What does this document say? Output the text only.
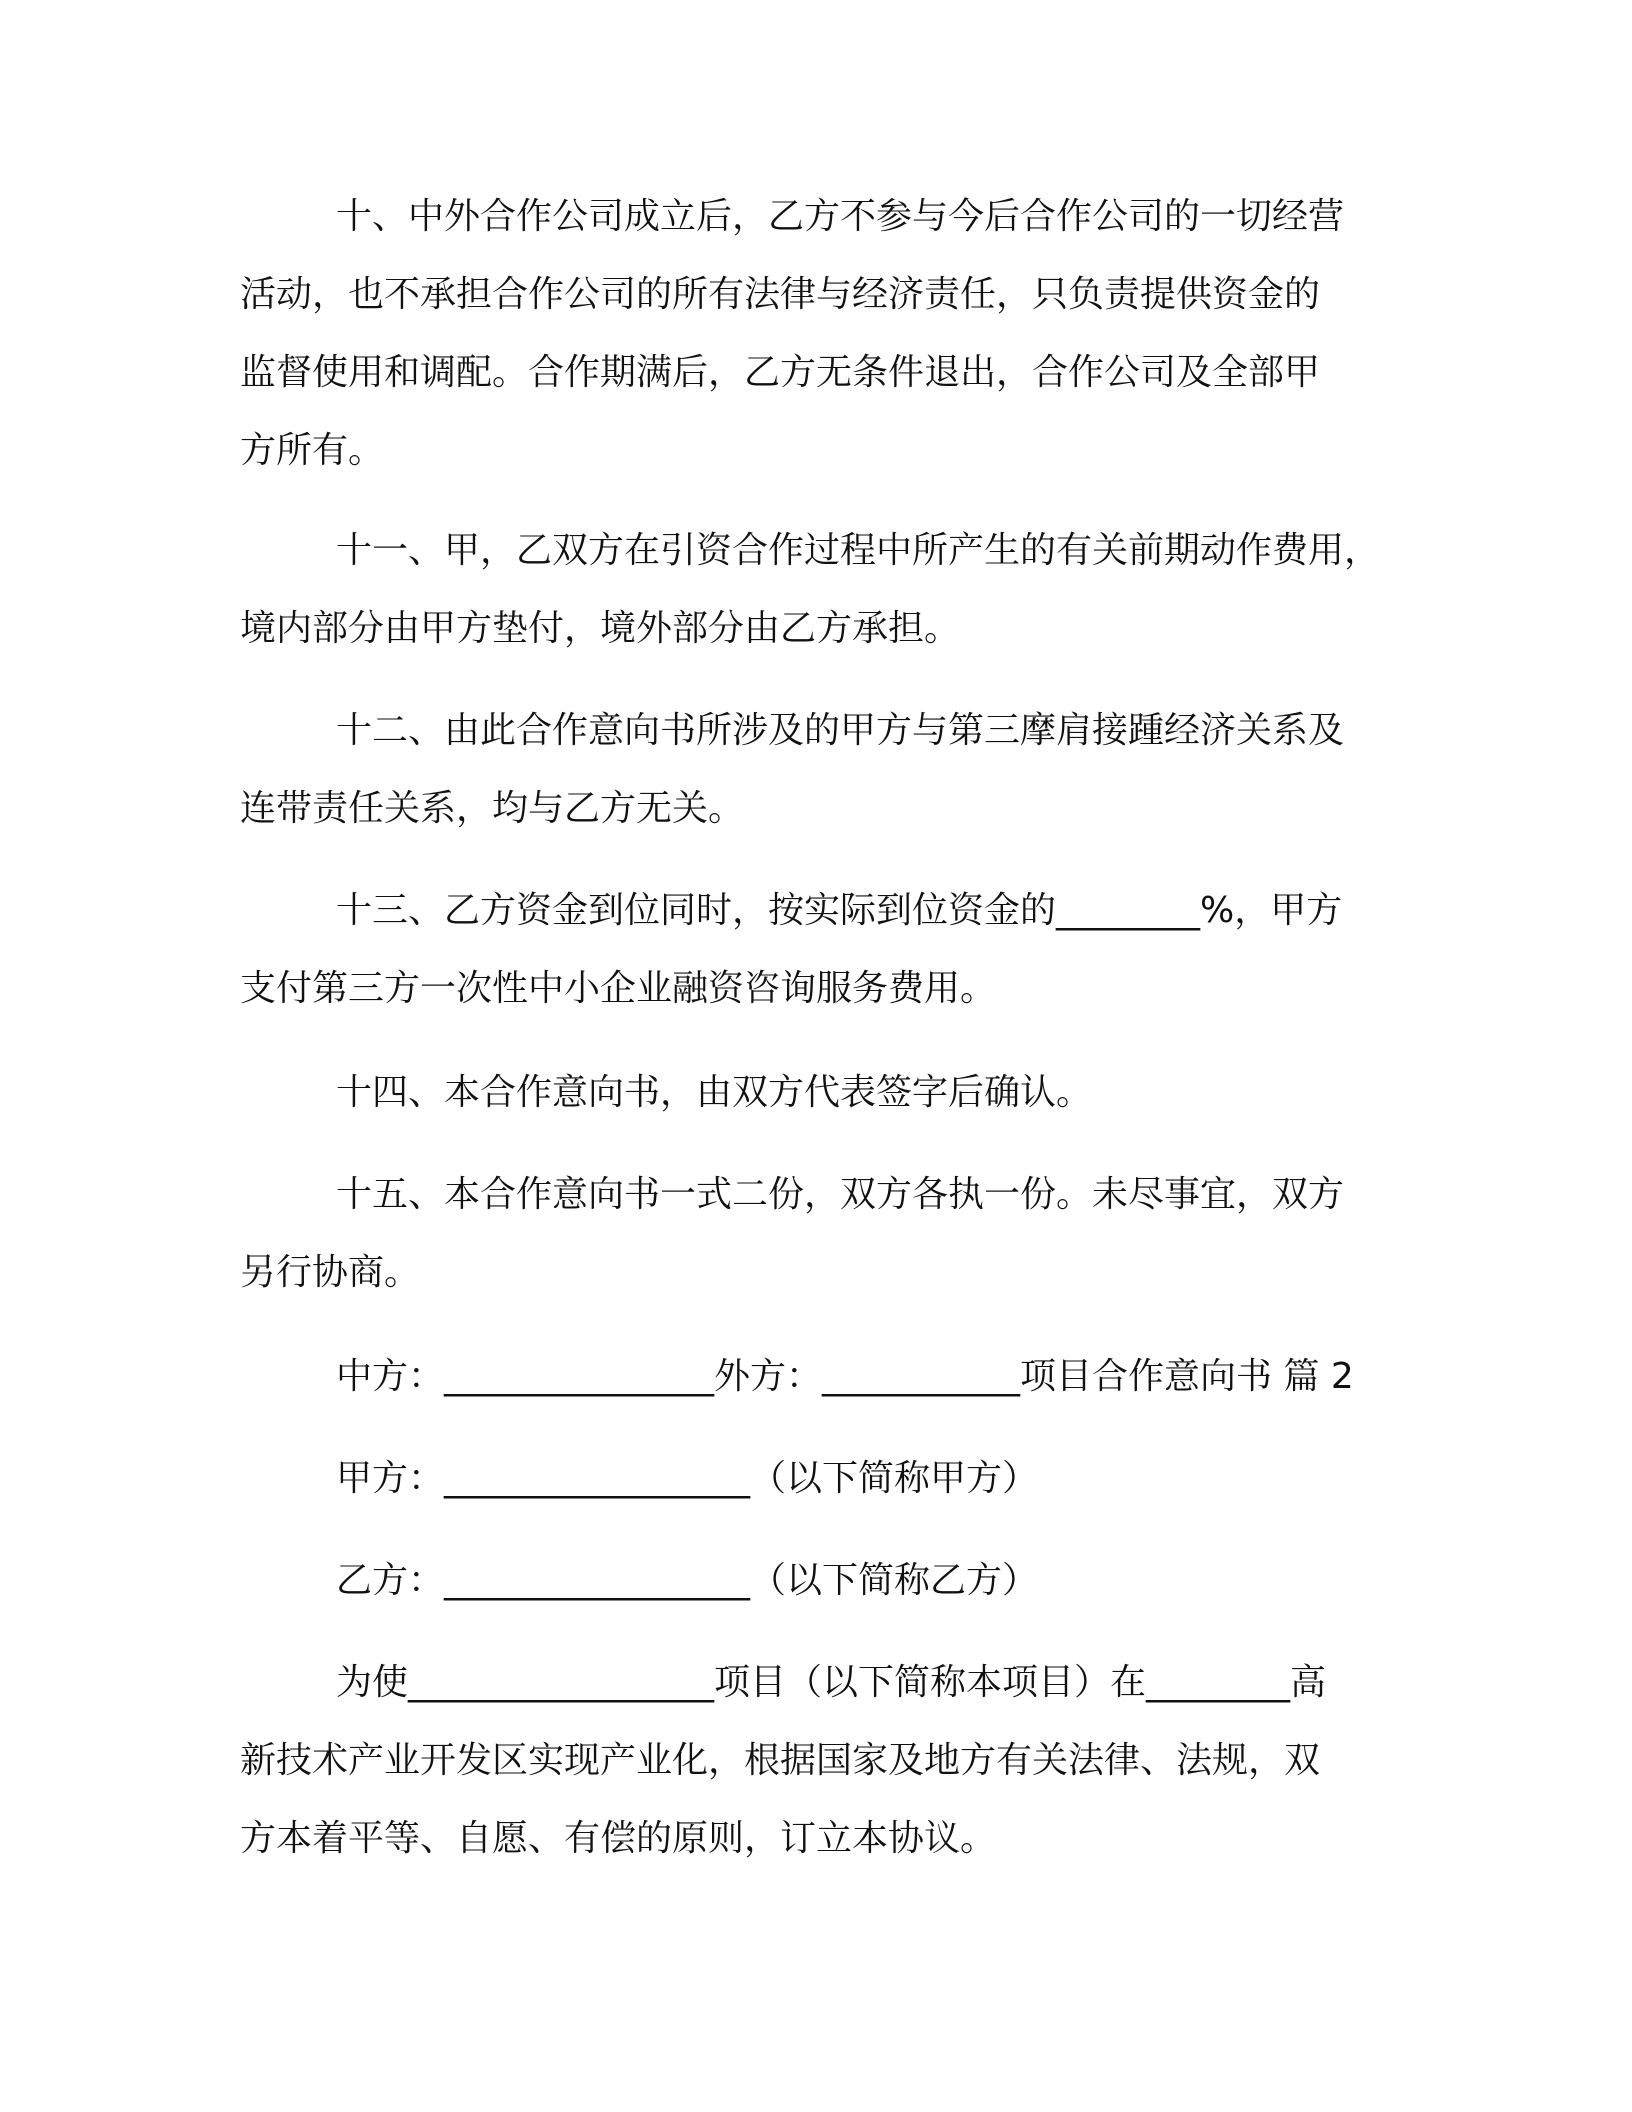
十、中外合作公司成立后，乙方不参与今后合作公司的一切经营
活动，也不承担合作公司的所有法律与经济责任，只负责提供资金的
监督使用和调配。合作期满后，乙方无条件退出，合作公司及全部甲
方所有。
十一、甲，乙双方在引资合作过程中所产生的有关前期动作费用，
境内部分由甲方垫付，境外部分由乙方承担。
十二、由此合作意向书所涉及的甲方与第三摩肩接踵经济关系及
连带责任关系，均与乙方无关。
十三、乙方资金到位同时，按实际到位资金的________%，甲方
支付第三方一次性中小企业融资咨询服务费用。
十四、本合作意向书，由双方代表签字后确认。
十五、本合作意向书一式二份，双方各执一份。未尽事宜，双方
另行协商。
中方：_______________外方：___________项目合作意向书 篇 2
甲方：_________________（以下简称甲方）
乙方：_________________（以下简称乙方）
为使_________________项目（以下简称本项目）在________高
新技术产业开发区实现产业化，根据国家及地方有关法律、法规，双
方本着平等、自愿、有偿的原则，订立本协议。
